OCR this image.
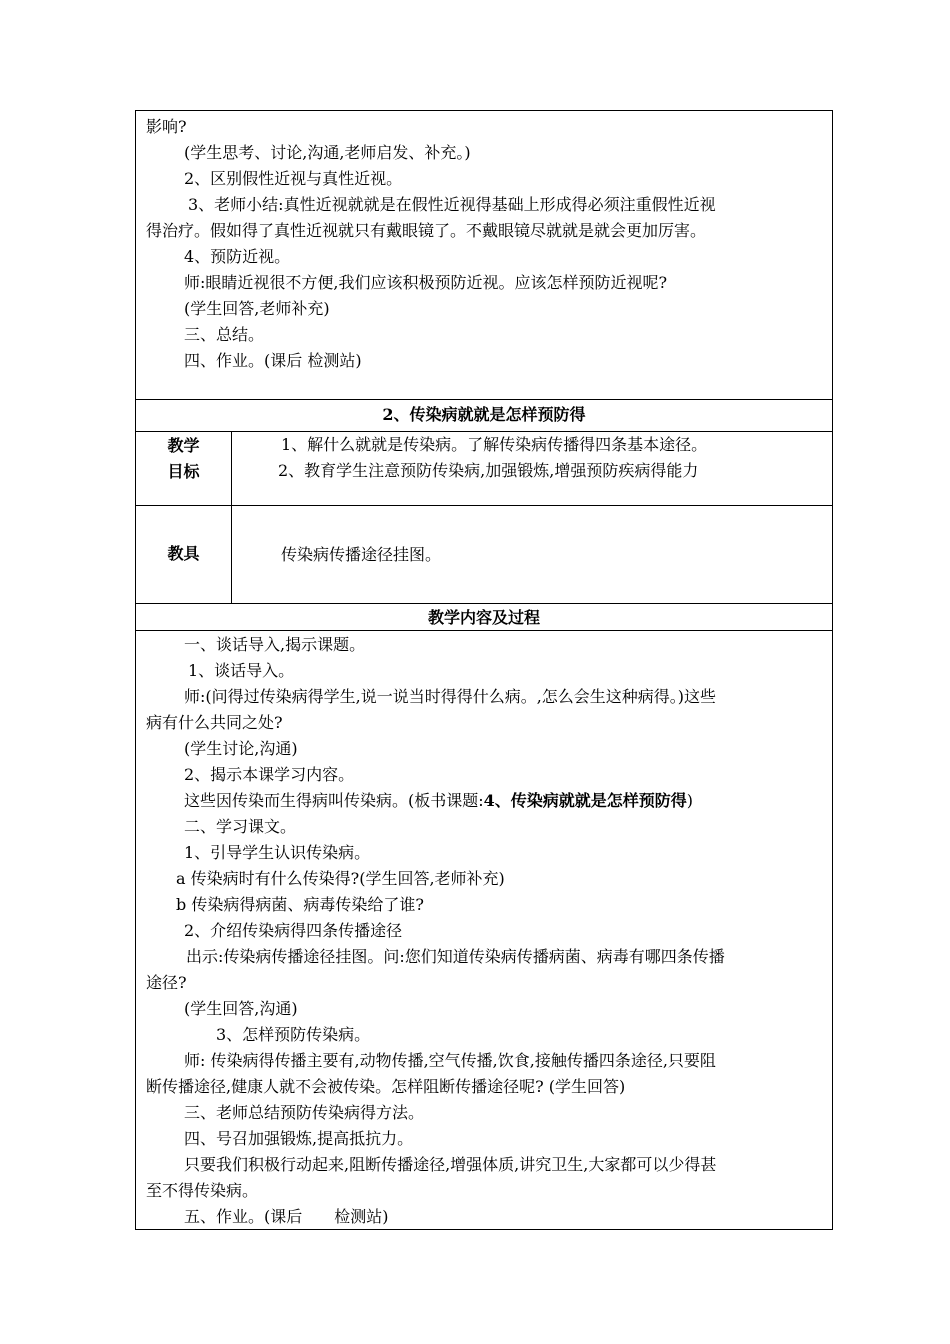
影响?
(学生思考、讨论,沟通,老师启发、补充。)
2、区别假性近视与真性近视。
3、老师小结:真性近视就就是在假性近视得基础上形成得必须注重假性近视
得治疗。假如得了真性近视就只有戴眼镜了。不戴眼镜尽就就是就会更加厉害。
4、预防近视。
师:眼睛近视很不方便,我们应该积极预防近视。应该怎样预防近视呢?
(学生回答,老师补充)
三、总结。
四、作业。(课后 检测站)
2、传染病就就是怎样预防得
教学
目标
1、解什么就就是传染病。了解传染病传播得四条基本途径。
2、教育学生注意预防传染病,加强锻炼,增强预防疾病得能力
教具	传染病传播途径挂图。
教学内容及过程
一、谈话导入,揭示课题。
1、谈话导入。
师:(问得过传染病得学生,说一说当时得得什么病。,怎么会生这种病得。)这些
病有什么共同之处?
(学生讨论,沟通)
2、揭示本课学习内容。
这些因传染而生得病叫传染病。(板书课题:4、传染病就就是怎样预防得)
二、学习课文。
1、引导学生认识传染病。
a 传染病时有什么传染得?(学生回答,老师补充)
b 传染病得病菌、病毒传染给了谁?
2、介绍传染病得四条传播途径
出示:传染病传播途径挂图。问:您们知道传染病传播病菌、病毒有哪四条传播
途径?
(学生回答,沟通)
3、怎样预防传染病。
师: 传染病得传播主要有,动物传播,空气传播,饮食,接触传播四条途径,只要阻
断传播途径,健康人就不会被传染。怎样阻断传播途径呢? (学生回答)
三、老师总结预防传染病得方法。
四、号召加强锻炼,提高抵抗力。
只要我们积极行动起来,阻断传播途径,增强体质,讲究卫生,大家都可以少得甚
至不得传染病。
五、作业。(课后　　检测站)
